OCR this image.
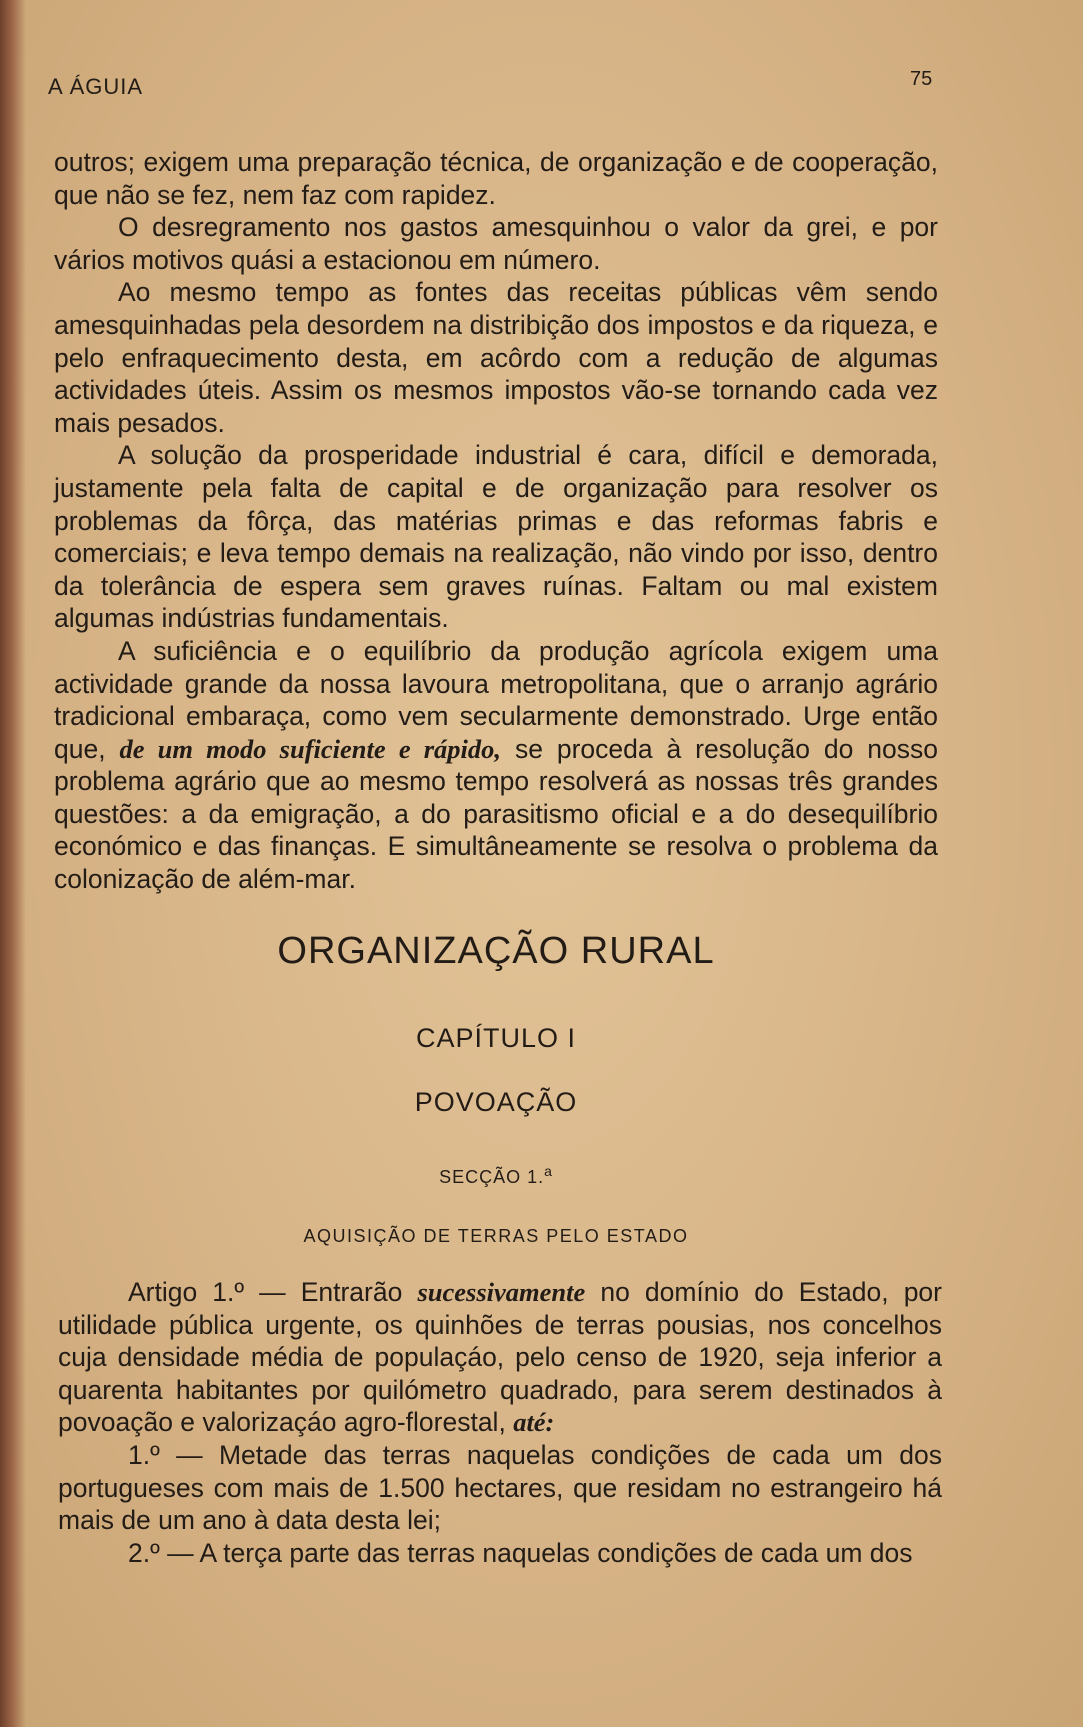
A ÁGUIA	75

outros; exigem uma preparação técnica, de organização e de cooperação, que não se fez, nem faz com rapidez.

O desregramento nos gastos amesquinhou o valor da grei, e por vários motivos quási a estacionou em número.

Ao mesmo tempo as fontes das receitas públicas vêm sendo amesquinhadas pela desordem na distribição dos impostos e da riqueza, e pelo enfraquecimento desta, em acôrdo com a redução de algumas actividades úteis. Assim os mesmos impostos vão-se tornando cada vez mais pesados.

A solução da prosperidade industrial é cara, difícil e demorada, justamente pela falta de capital e de organização para resolver os problemas da fôrça, das matérias primas e das reformas fabris e comerciais; e leva tempo demais na realização, não vindo por isso, dentro da tolerância de espera sem graves ruínas. Faltam ou mal existem algumas indústrias fundamentais.

A suficiência e o equilíbrio da produção agrícola exigem uma actividade grande da nossa lavoura metropolitana, que o arranjo agrário tradicional embaraça, como vem secularmente demonstrado. Urge então que, de um modo suficiente e rápido, se proceda à resolução do nosso problema agrário que ao mesmo tempo resolverá as nossas três grandes questões: a da emigração, a do parasitismo oficial e a do desequilíbrio económico e das finanças. E simultâneamente se resolva o problema da colonização de além-mar.

ORGANIZAÇÃO RURAL
CAPÍTULO I
POVOAÇÃO
SECÇÃO 1.$^a$
AQUISIÇÃO DE TERRAS PELO ESTADO

Artigo 1.º — Entrarão sucessivamente no domínio do Estado, por utilidade pública urgente, os quinhões de terras pousias, nos concelhos cuja densidade média de populaçáo, pelo censo de 1920, seja inferior a quarenta habitantes por quilómetro quadrado, para serem destinados à povoação e valorizaçáo agro-florestal, até:

1.º — Metade das terras naquelas condições de cada um dos portugueses com mais de 1.500 hectares, que residam no estrangeiro há mais de um ano à data desta lei;

2.º — A terça parte das terras naquelas condições de cada um dos
